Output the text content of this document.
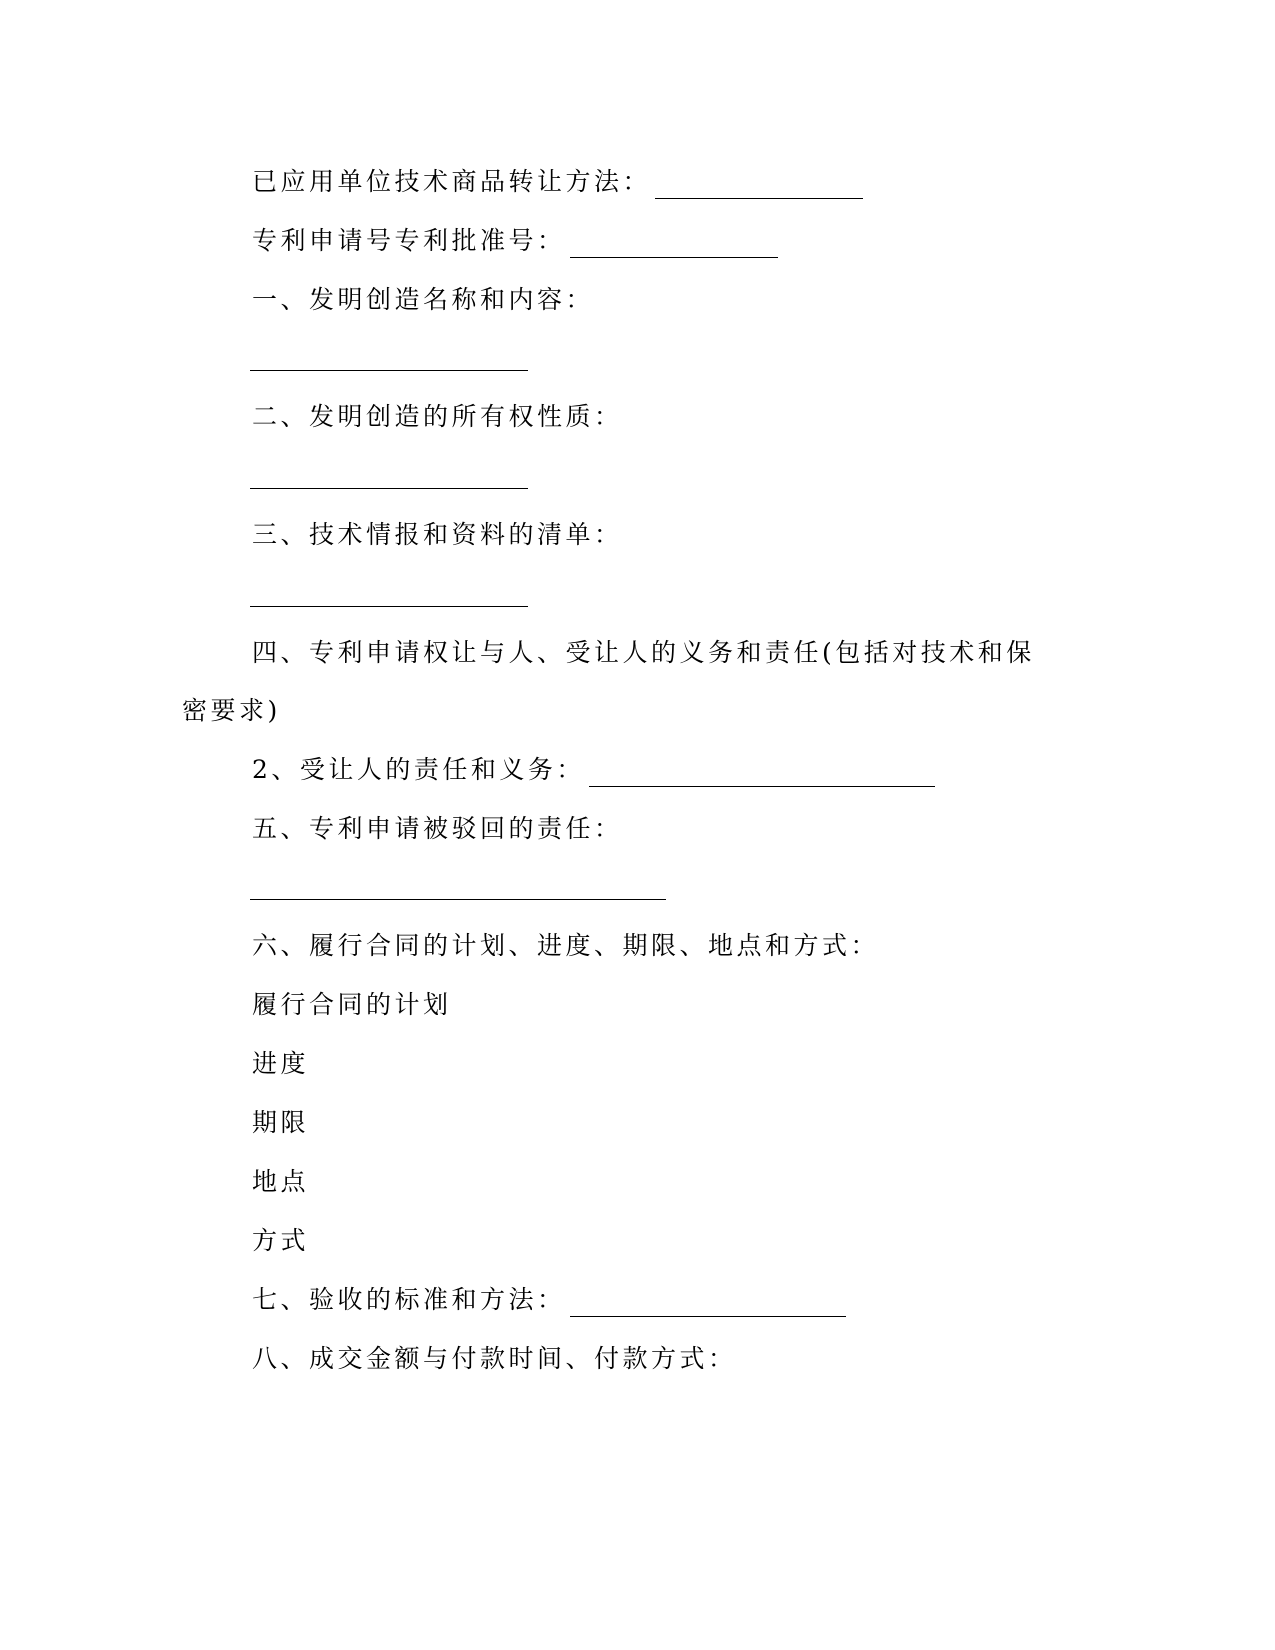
已应用单位技术商品转让方法：
专利申请号专利批准号：
一、发明创造名称和内容：
二、发明创造的所有权性质：
三、技术情报和资料的清单：
四、专利申请权让与人、受让人的义务和责任(包括对技术和保
密要求)
2、受让人的责任和义务：
五、专利申请被驳回的责任：
六、履行合同的计划、进度、期限、地点和方式：
履行合同的计划
进度
期限
地点
方式
七、验收的标准和方法：
八、成交金额与付款时间、付款方式：
